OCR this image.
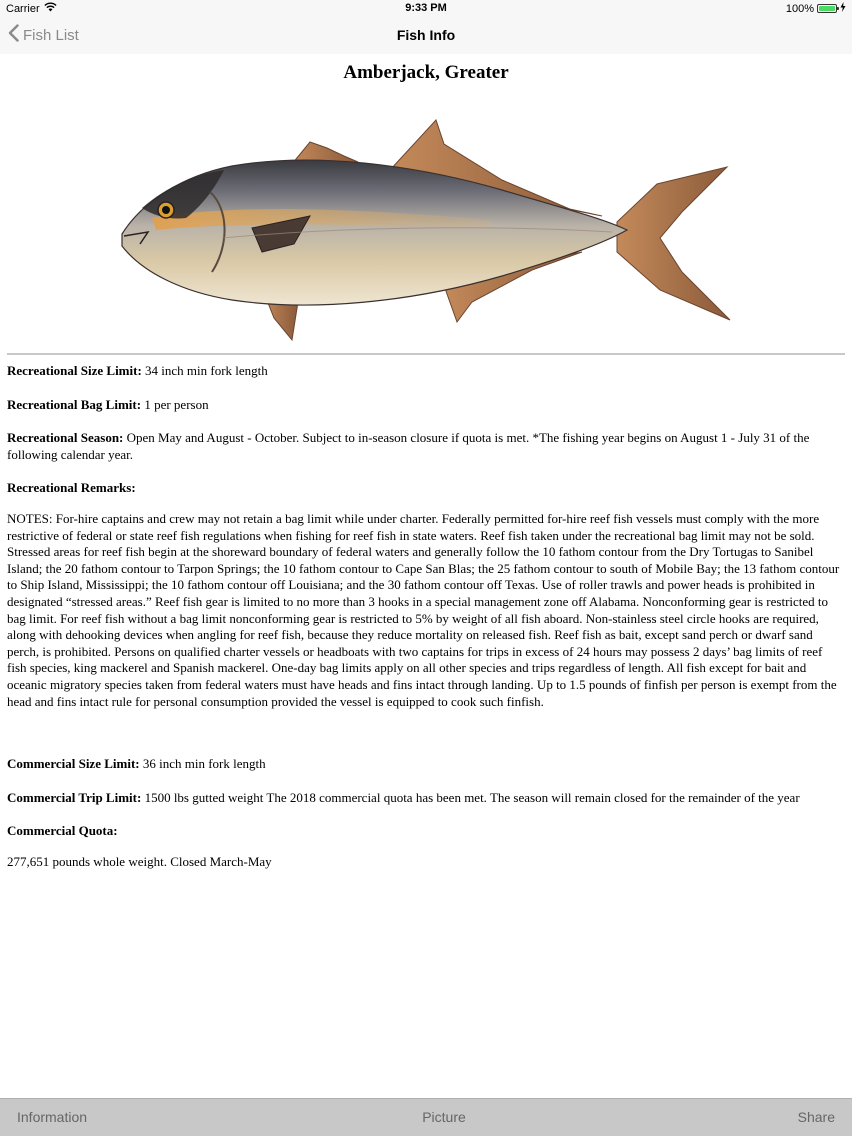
Carrier	9:33 PM	100%
Fish List	Fish Info
Amberjack, Greater

Recreational Size Limit: 34 inch min fork length

Recreational Bag Limit: 1 per person

Recreational Season: Open May and August - October. Subject to in-season closure if quota is met. *The fishing year begins on August 1 - July 31 of the following calendar year.

Recreational Remarks:

NOTES: For-hire captains and crew may not retain a bag limit while under charter. Federally permitted for-hire reef fish vessels must comply with the more restrictive of federal or state reef fish regulations when fishing for reef fish in state waters. Reef fish taken under the recreational bag limit may not be sold. Stressed areas for reef fish begin at the shoreward boundary of federal waters and generally follow the 10 fathom contour from the Dry Tortugas to Sanibel Island; the 20 fathom contour to Tarpon Springs; the 10 fathom contour to Cape San Blas; the 25 fathom contour to south of Mobile Bay; the 13 fathom contour to Ship Island, Mississippi; the 10 fathom contour off Louisiana; and the 30 fathom contour off Texas. Use of roller trawls and power heads is prohibited in designated “stressed areas.” Reef fish gear is limited to no more than 3 hooks in a special management zone off Alabama. Nonconforming gear is restricted to bag limit. For reef fish without a bag limit nonconforming gear is restricted to 5% by weight of all fish aboard. Non-stainless steel circle hooks are required, along with dehooking devices when angling for reef fish, because they reduce mortality on released fish. Reef fish as bait, except sand perch or dwarf sand perch, is prohibited. Persons on qualified charter vessels or headboats with two captains for trips in excess of 24 hours may possess 2 days’ bag limits of reef fish species, king mackerel and Spanish mackerel. One-day bag limits apply on all other species and trips regardless of length. All fish except for bait and oceanic migratory species taken from federal waters must have heads and fins intact through landing. Up to 1.5 pounds of finfish per person is exempt from the head and fins intact rule for personal consumption provided the vessel is equipped to cook such finfish.

Commercial Size Limit: 36 inch min fork length

Commercial Trip Limit: 1500 lbs gutted weight The 2018 commercial quota has been met. The season will remain closed for the remainder of the year

Commercial Quota:

277,651 pounds whole weight. Closed March-May

Information	Picture	Share
